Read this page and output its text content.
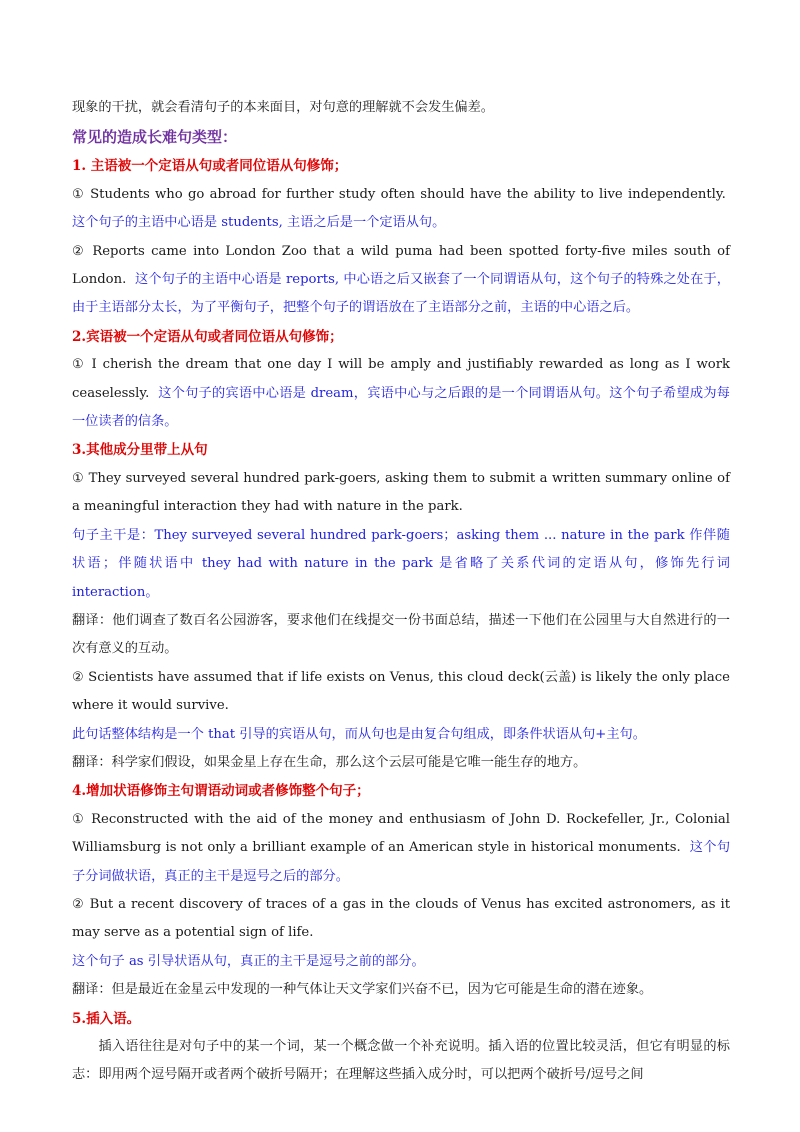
现象的干扰，就会看清句子的本来面目，对句意的理解就不会发生偏差。

常见的造成长难句类型：

1. 主语被一个定语从句或者同位语从句修饰；

① Students who go abroad for further study often should have the ability to live independently.  这个句子的主语中心语是 students, 主语之后是一个定语从句。

② Reports came into London Zoo that a wild puma had been spotted forty-five miles south of London. 这个句子的主语中心语是 reports, 中心语之后又嵌套了一个同谓语从句，这个句子的特殊之处在于，由于主语部分太长，为了平衡句子，把整个句子的谓语放在了主语部分之前，主语的中心语之后。

2.宾语被一个定语从句或者同位语从句修饰；

① I cherish the dream that one day I will be amply and justifiably rewarded as long as I work ceaselessly. 这个句子的宾语中心语是 dream，宾语中心与之后跟的是一个同谓语从句。这个句子希望成为每一位读者的信条。

3.其他成分里带上从句

① They surveyed several hundred park-goers, asking them to submit a written summary online of a meaningful interaction they had with nature in the park.

句子主干是：They surveyed several hundred park-goers；asking them ... nature in the park 作伴随状语；伴随状语中 they had with nature in the park 是省略了关系代词的定语从句，修饰先行词 interaction。

翻译：他们调查了数百名公园游客，要求他们在线提交一份书面总结，描述一下他们在公园里与大自然进行的一次有意义的互动。

② Scientists have assumed that if life exists on Venus, this cloud deck(云盖) is likely the only place where it would survive.

此句话整体结构是一个 that 引导的宾语从句，而从句也是由复合句组成，即条件状语从句+主句。

翻译：科学家们假设，如果金星上存在生命，那么这个云层可能是它唯一能生存的地方。

4.增加状语修饰主句谓语动词或者修饰整个句子；

① Reconstructed with the aid of the money and enthusiasm of John D. Rockefeller, Jr., Colonial Williamsburg is not only a brilliant example of an American style in historical monuments. 这个句子分词做状语，真正的主干是逗号之后的部分。

② But a recent discovery of traces of a gas in the clouds of Venus has excited astronomers, as it may serve as a potential sign of life.

这个句子 as 引导状语从句，真正的主干是逗号之前的部分。

翻译：但是最近在金星云中发现的一种气体让天文学家们兴奋不已，因为它可能是生命的潜在迹象。

5.插入语。

插入语往往是对句子中的某一个词，某一个概念做一个补充说明。插入语的位置比较灵活，但它有明显的标志：即用两个逗号隔开或者两个破折号隔开；在理解这些插入成分时，可以把两个破折号/逗号之间
